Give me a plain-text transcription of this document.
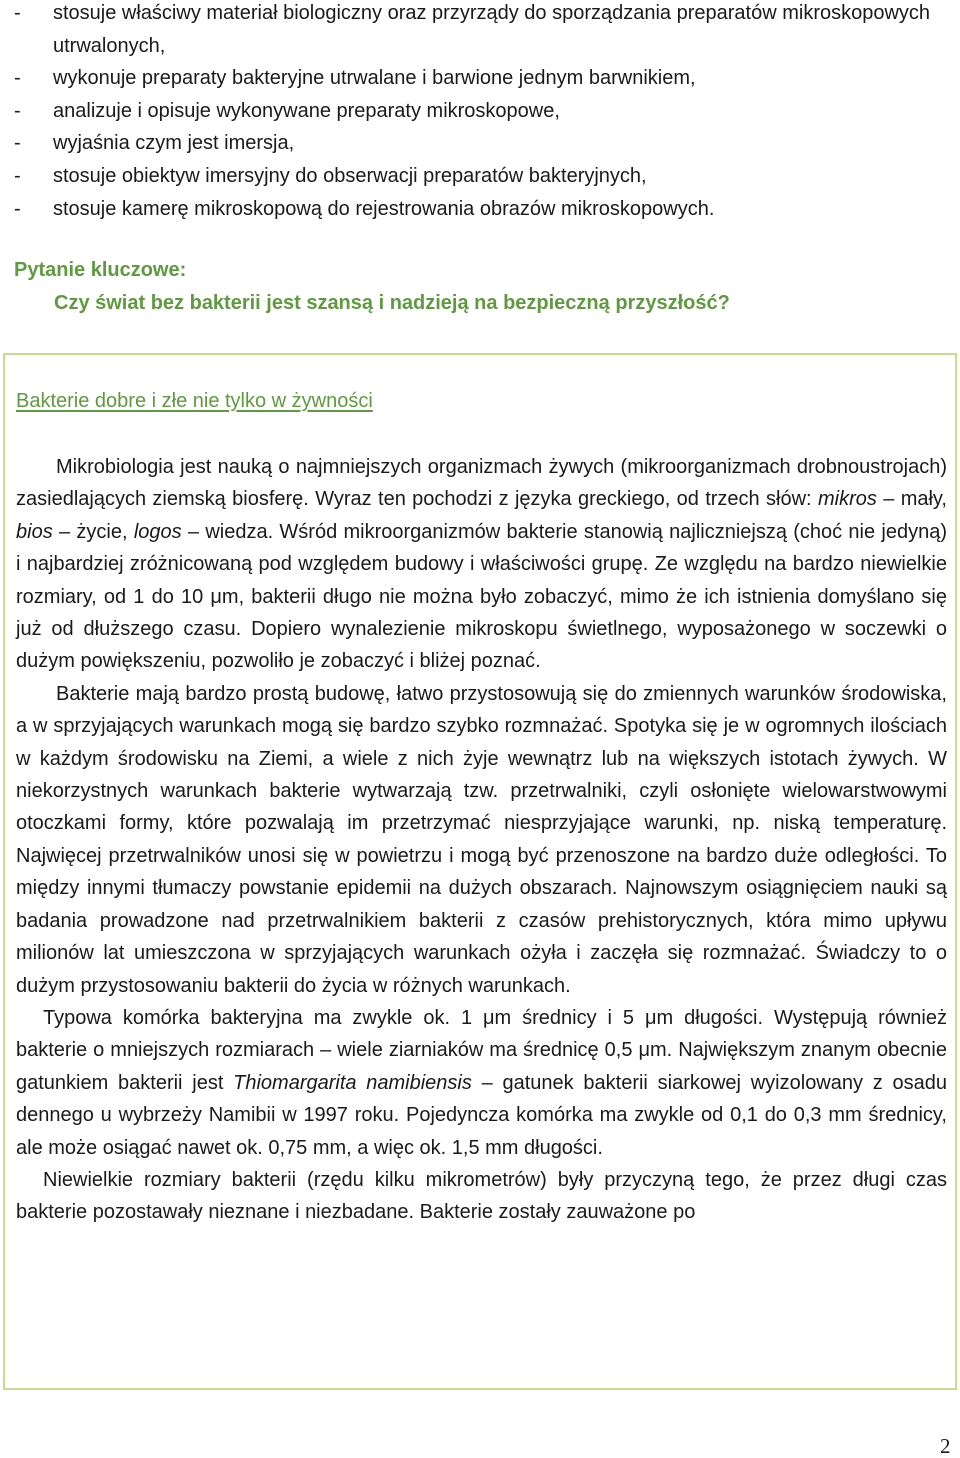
- stosuje właściwy materiał biologiczny oraz przyrządy do sporządzania preparatów mikroskopowych utrwalonych,
- wykonuje preparaty bakteryjne utrwalane i barwione jednym barwnikiem,
- analizuje i opisuje wykonywane preparaty mikroskopowe,
- wyjaśnia czym jest imersja,
- stosuje obiektyw imersyjny do obserwacji preparatów bakteryjnych,
- stosuje kamerę mikroskopową do rejestrowania obrazów mikroskopowych.
Pytanie kluczowe:
Czy świat bez bakterii jest szansą i nadzieją na bezpieczną przyszłość?
Bakterie dobre i złe nie tylko w żywności

Mikrobiologia jest nauką o najmniejszych organizmach żywych (mikroorganizmach drobnoustrojach) zasiedlających ziemską biosferę. Wyraz ten pochodzi z języka greckiego, od trzech słów: mikros – mały, bios – życie, logos – wiedza. Wśród mikroorganizmów bakterie stanowią najliczniejszą (choć nie jedyną) i najbardziej zróżnicowaną pod względem budowy i właściwości grupę. Ze względu na bardzo niewielkie rozmiary, od 1 do 10 μm, bakterii długo nie można było zobaczyć, mimo że ich istnienia domyślano się już od dłuższego czasu. Dopiero wynalezienie mikroskopu świetlnego, wyposażonego w soczewki o dużym powiększeniu, pozwoliło je zobaczyć i bliżej poznać.

Bakterie mają bardzo prostą budowę, łatwo przystosowują się do zmiennych warunków środowiska, a w sprzyjających warunkach mogą się bardzo szybko rozmnażać. Spotyka się je w ogromnych ilościach w każdym środowisku na Ziemi, a wiele z nich żyje wewnątrz lub na większych istotach żywych. W niekorzystnych warunkach bakterie wytwarzają tzw. przetrwalniki, czyli osłonięte wielowarstwowymi otoczkami formy, które pozwalają im przetrzymać niesprzyjające warunki, np. niską temperaturę. Najwięcej przetrwalników unosi się w powietrzu i mogą być przenoszone na bardzo duże odległości. To między innymi tłumaczy powstanie epidemii na dużych obszarach. Najnowszym osiągnięciem nauki są badania prowadzone nad przetrwalnikiem bakterii z czasów prehistorycznych, która mimo upływu milionów lat umieszczona w sprzyjających warunkach ożyła i zaczęła się rozmnażać. Świadczy to o dużym przystosowaniu bakterii do życia w różnych warunkach.

Typowa komórka bakteryjna ma zwykle ok. 1 μm średnicy i 5 μm długości. Występują również bakterie o mniejszych rozmiarach – wiele ziarniaków ma średnicę 0,5 μm. Największym znanym obecnie gatunkiem bakterii jest Thiomargarita namibiensis – gatunek bakterii siarkowej wyizolowany z osadu dennego u wybrzeży Namibii w 1997 roku. Pojedyncza komórka ma zwykle od 0,1 do 0,3 mm średnicy, ale może osiągać nawet ok. 0,75 mm, a więc ok. 1,5 mm długości.

Niewielkie rozmiary bakterii (rzędu kilku mikrometrów) były przyczyną tego, że przez długi czas bakterie pozostawały nieznane i niezbadane. Bakterie zostały zauważone po

2
